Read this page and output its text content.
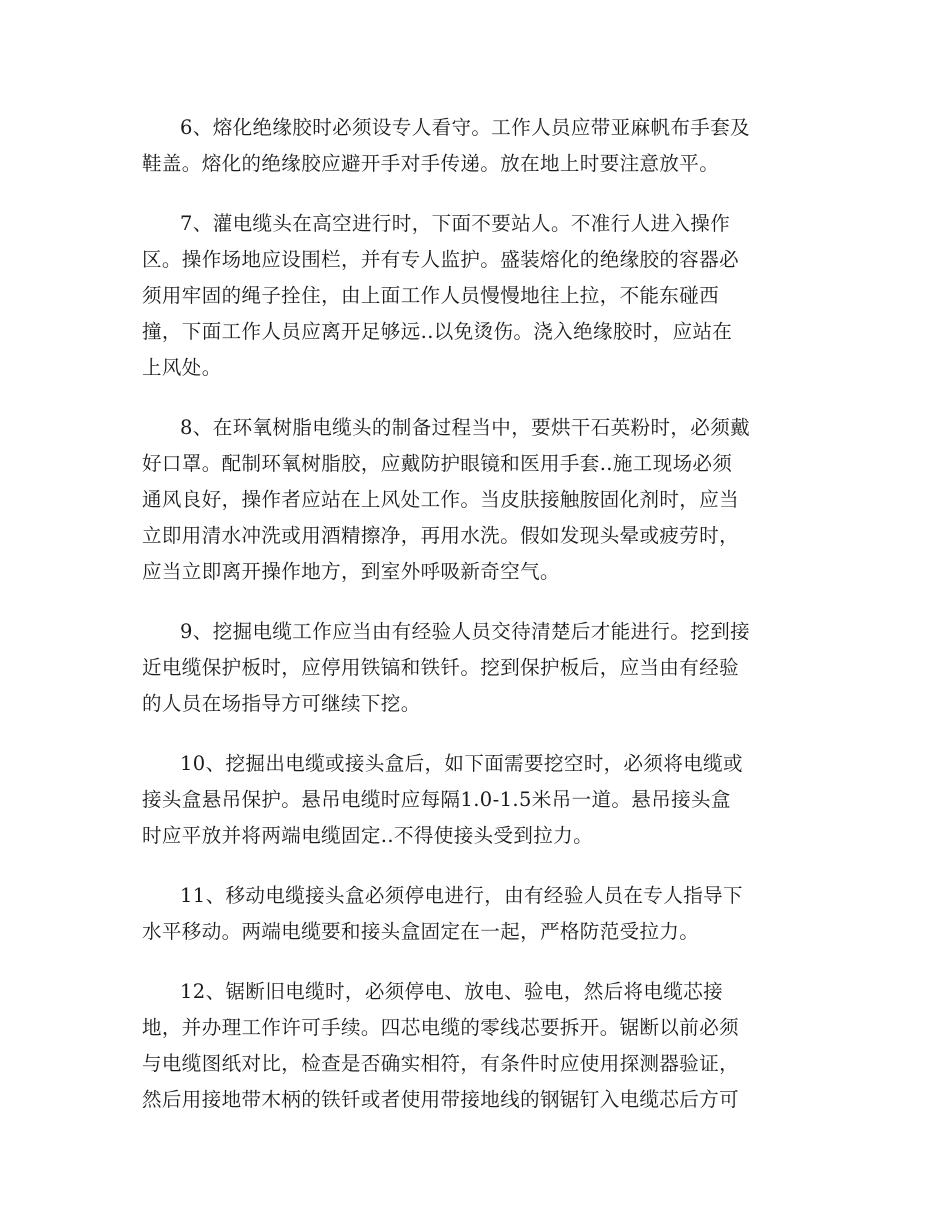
6、熔化绝缘胶时必须设专人看守。工作人员应带亚麻帆布手套及
鞋盖。熔化的绝缘胶应避开手对手传递。放在地上时要注意放平。
7、灌电缆头在高空进行时，下面不要站人。不准行人进入操作
区。操作场地应设围栏，并有专人监护。盛装熔化的绝缘胶的容器必
须用牢固的绳子拴住，由上面工作人员慢慢地往上拉，不能东碰西
撞，下面工作人员应离开足够远..以免烫伤。浇入绝缘胶时，应站在
上风处。
8、在环氧树脂电缆头的制备过程当中，要烘干石英粉时，必须戴
好口罩。配制环氧树脂胶，应戴防护眼镜和医用手套..施工现场必须
通风良好，操作者应站在上风处工作。当皮肤接触胺固化剂时，应当
立即用清水冲洗或用酒精擦净，再用水洗。假如发现头晕或疲劳时，
应当立即离开操作地方，到室外呼吸新奇空气。
9、挖掘电缆工作应当由有经验人员交待清楚后才能进行。挖到接
近电缆保护板时，应停用铁镐和铁钎。挖到保护板后，应当由有经验
的人员在场指导方可继续下挖。
10、挖掘出电缆或接头盒后，如下面需要挖空时，必须将电缆或
接头盒悬吊保护。悬吊电缆时应每隔1.0-1.5米吊一道。悬吊接头盒
时应平放并将两端电缆固定..不得使接头受到拉力。
11、移动电缆接头盒必须停电进行，由有经验人员在专人指导下
水平移动。两端电缆要和接头盒固定在一起，严格防范受拉力。
12、锯断旧电缆时，必须停电、放电、验电，然后将电缆芯接
地，并办理工作许可手续。四芯电缆的零线芯要拆开。锯断以前必须
与电缆图纸对比，检查是否确实相符，有条件时应使用探测器验证，
然后用接地带木柄的铁钎或者使用带接地线的钢锯钉入电缆芯后方可
